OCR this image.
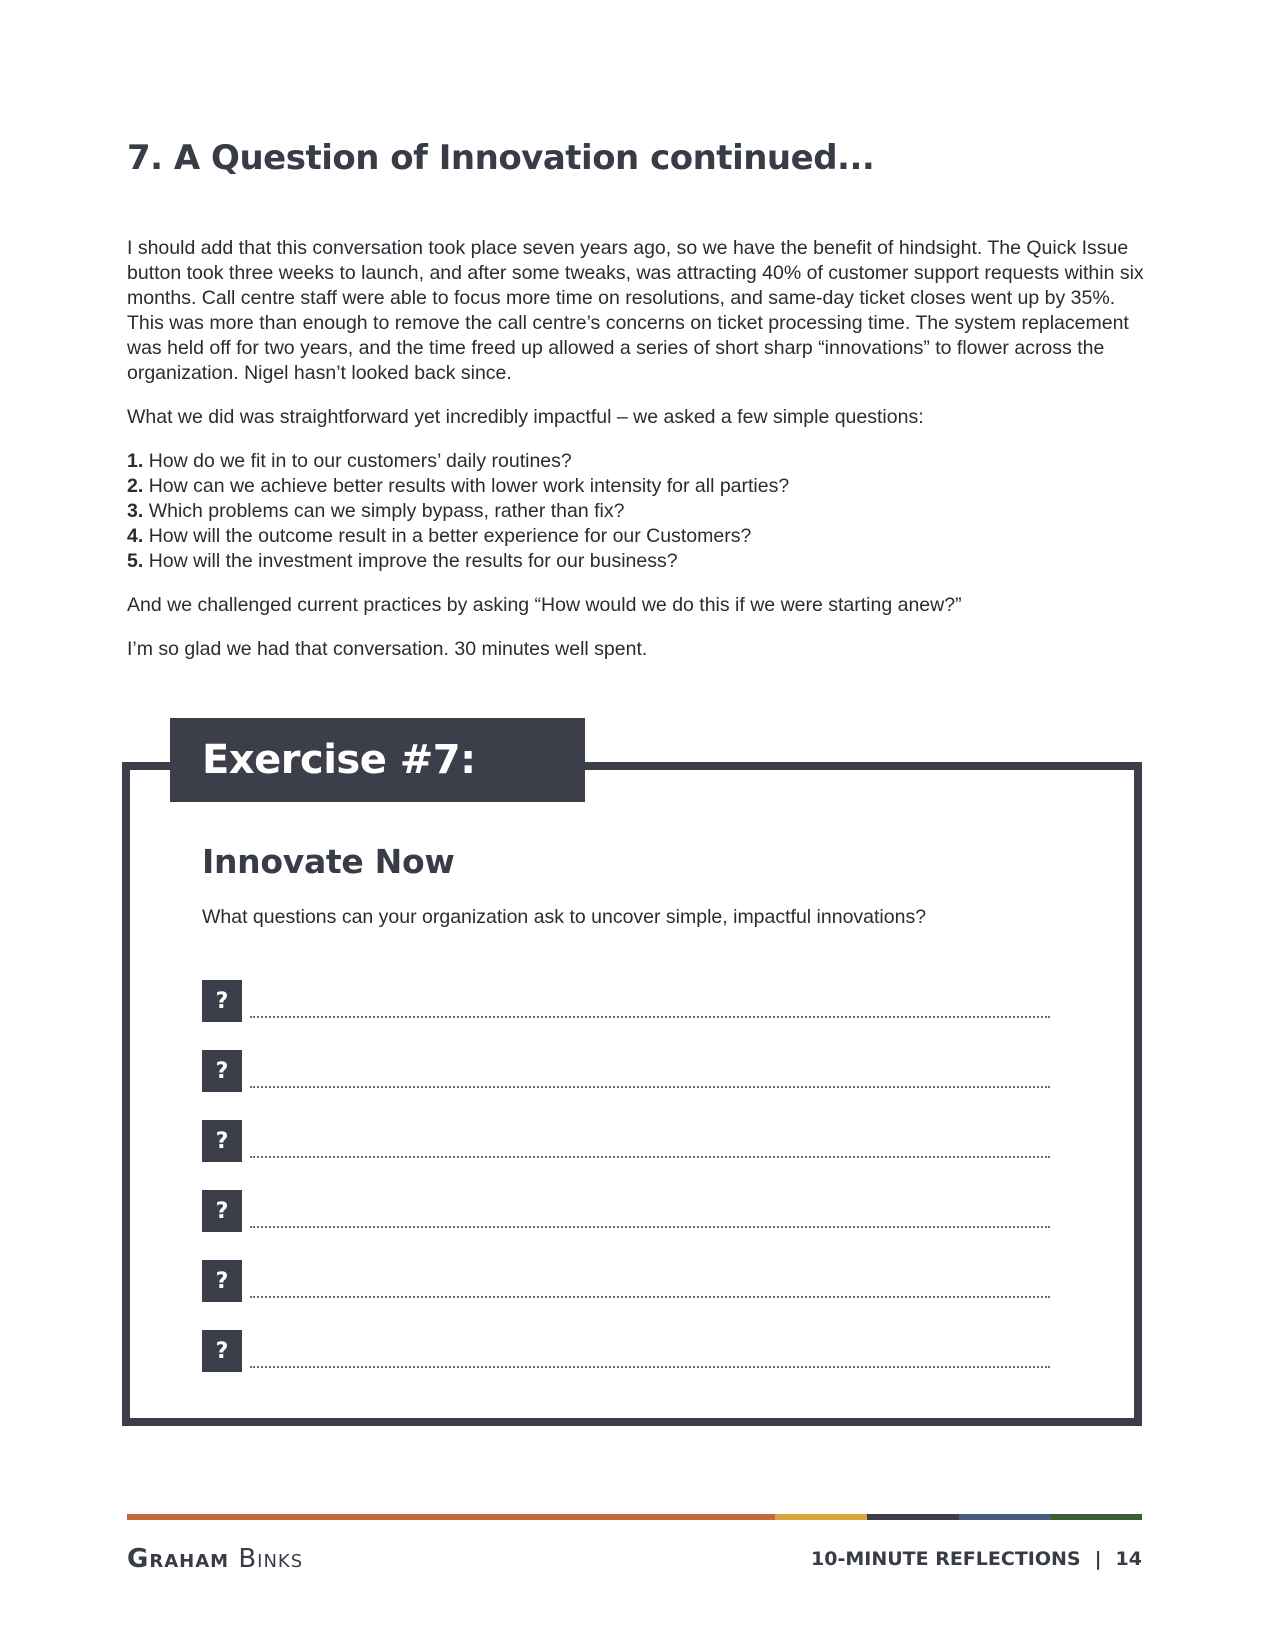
7. A Question of Innovation continued...

I should add that this conversation took place seven years ago, so we have the benefit of hindsight. The Quick Issue button took three weeks to launch, and after some tweaks, was attracting 40% of customer support requests within six months. Call centre staff were able to focus more time on resolutions, and same-day ticket closes went up by 35%. This was more than enough to remove the call centre’s concerns on ticket processing time. The system replacement was held off for two years, and the time freed up allowed a series of short sharp “innovations” to flower across the organization. Nigel hasn’t looked back since.

What we did was straightforward yet incredibly impactful – we asked a few simple questions:

1. How do we fit in to our customers’ daily routines?
2. How can we achieve better results with lower work intensity for all parties?
3. Which problems can we simply bypass, rather than fix?
4. How will the outcome result in a better experience for our Customers?
5. How will the investment improve the results for our business?

And we challenged current practices by asking “How would we do this if we were starting anew?”

I’m so glad we had that conversation. 30 minutes well spent.

Exercise #7:
Innovate Now
What questions can your organization ask to uncover simple, impactful innovations?
?
?
?
?
?
?
Graham Binks	10-MINUTE REFLECTIONS | 14
